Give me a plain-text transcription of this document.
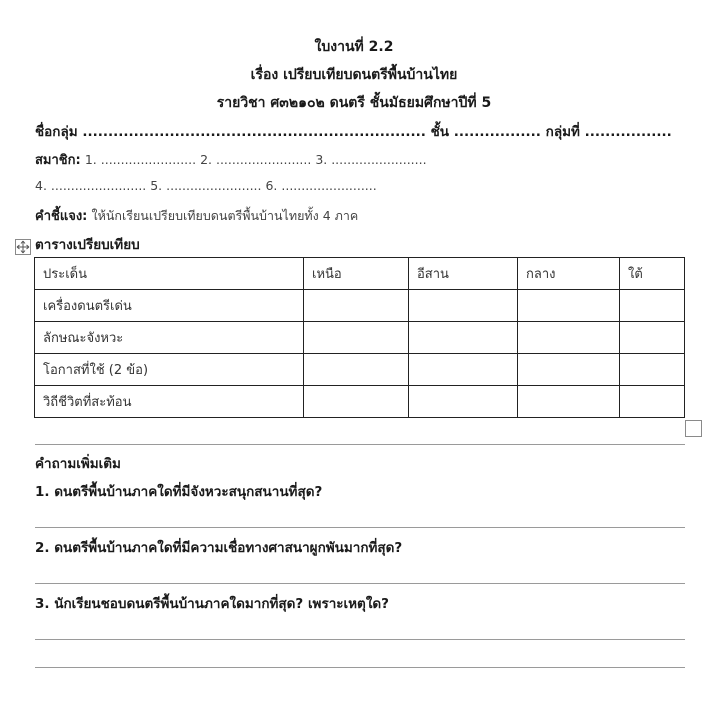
ใบงานที่ 2.2
เรื่อง เปรียบเทียบดนตรีพื้นบ้านไทย
รายวิชา ศ๓๒๑๐๒ ดนตรี ชั้นมัธยมศึกษาปีที่ 5
ชื่อกลุ่ม ................................................................... ชั้น ................. กลุ่มที่ .................
สมาชิก: 1. ........................ 2. ........................ 3. ........................
4. ........................ 5. ........................ 6. ........................
คำชี้แจง: ให้นักเรียนเปรียบเทียบดนตรีพื้นบ้านไทยทั้ง 4 ภาค
ตารางเปรียบเทียบ
ประเด็น	เหนือ	อีสาน	กลาง	ใต้
เครื่องดนตรีเด่น				
ลักษณะจังหวะ				
โอกาสที่ใช้ (2 ข้อ)				
วิถีชีวิตที่สะท้อน				
คำถามเพิ่มเติม
1. ดนตรีพื้นบ้านภาคใดที่มีจังหวะสนุกสนานที่สุด?
2. ดนตรีพื้นบ้านภาคใดที่มีความเชื่อทางศาสนาผูกพันมากที่สุด?
3. นักเรียนชอบดนตรีพื้นบ้านภาคใดมากที่สุด? เพราะเหตุใด?
